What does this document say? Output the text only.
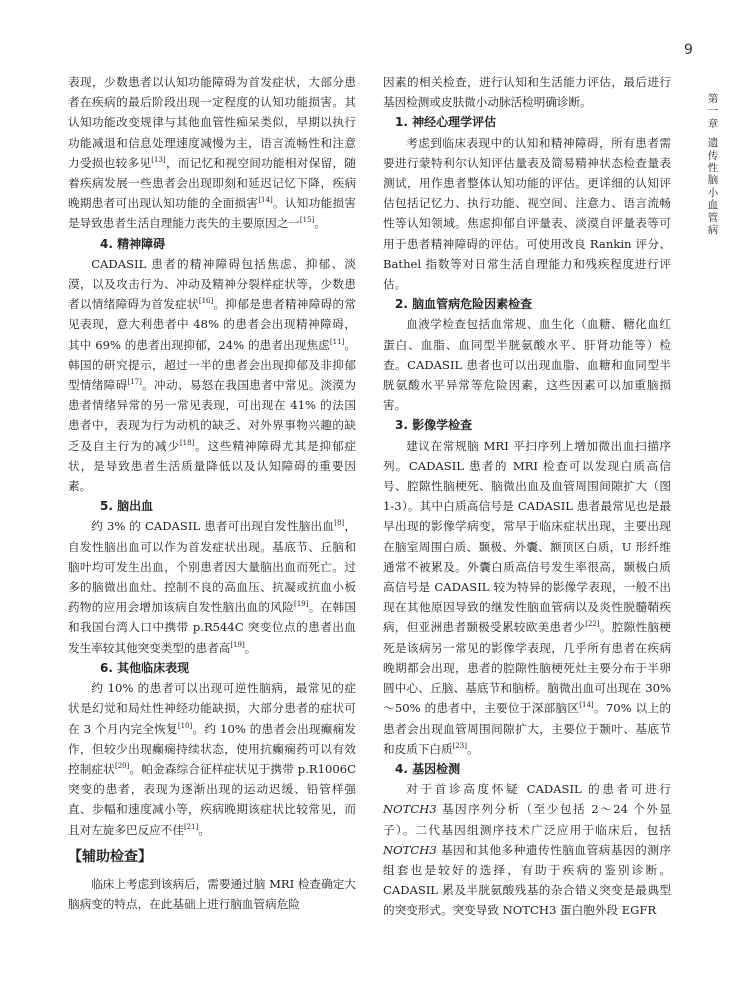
9
第
一
章
遗
传
性
脑
小
血
管
病

表现，少数患者以认知功能障碍为首发症状，大部分患者在疾病的最后阶段出现一定程度的认知功能损害。其认知功能改变规律与其他血管性痴呆类似，早期以执行功能减退和信息处理速度减慢为主，语言流畅性和注意力受损也较多见[13]，而记忆和视空间功能相对保留，随着疾病发展一些患者会出现即刻和延迟记忆下降，疾病晚期患者可出现认知功能的全面损害[14]。认知功能损害是导致患者生活自理能力丧失的主要原因之一[15]。

4. 精神障碍

CADASIL 患者的精神障碍包括焦虑、抑郁、淡漠，以及攻击行为、冲动及精神分裂样症状等，少数患者以情绪障碍为首发症状[16]。抑郁是患者精神障碍的常见表现，意大利患者中 48% 的患者会出现精神障碍，其中 69% 的患者出现抑郁，24% 的患者出现焦虑[11]。韩国的研究提示，超过一半的患者会出现抑郁及非抑郁型情绪障碍[17]。冲动、易怒在我国患者中常见。淡漠为患者情绪异常的另一常见表现，可出现在 41% 的法国患者中，表现为行为动机的缺乏、对外界事物兴趣的缺乏及自主行为的减少[18]。这些精神障碍尤其是抑郁症状，是导致患者生活质量降低以及认知障碍的重要因素。

5. 脑出血

约 3% 的 CADASIL 患者可出现自发性脑出血[8]，自发性脑出血可以作为首发症状出现。基底节、丘脑和脑叶均可发生出血，个别患者因大量脑出血而死亡。过多的脑微出血灶、控制不良的高血压、抗凝或抗血小板药物的应用会增加该病自发性脑出血的风险[19]。在韩国和我国台湾人口中携带 p.R544C 突变位点的患者出血发生率较其他突变类型的患者高[19]。

6. 其他临床表现

约 10% 的患者可以出现可逆性脑病，最常见的症状是幻觉和局灶性神经功能缺损，大部分患者的症状可在 3 个月内完全恢复[10]。约 10% 的患者会出现癫痫发作，但较少出现癫痫持续状态，使用抗癫痫药可以有效控制症状[20]。帕金森综合征样症状见于携带 p.R1006C 突变的患者，表现为逐渐出现的运动迟缓、铅管样强直、步幅和速度减小等，疾病晚期该症状比较常见，而且对左旋多巴反应不佳[21]。

【辅助检查】

临床上考虑到该病后，需要通过脑 MRI 检查确定大脑病变的特点，在此基础上进行脑血管病危险

因素的相关检查，进行认知和生活能力评估，最后进行基因检测或皮肤微小动脉活检明确诊断。

1. 神经心理学评估

考虑到临床表现中的认知和精神障碍，所有患者需要进行蒙特利尔认知评估量表及简易精神状态检查量表测试，用作患者整体认知功能的评估。更详细的认知评估包括记忆力、执行功能、视空间、注意力、语言流畅性等认知领域。焦虑抑郁自评量表、淡漠自评量表等可用于患者精神障碍的评估。可使用改良 Rankin 评分、Bathel 指数等对日常生活自理能力和残疾程度进行评估。

2. 脑血管病危险因素检查

血液学检查包括血常规、血生化（血糖、糖化血红蛋白、血脂、血同型半胱氨酸水平、肝肾功能等）检查。CADASIL 患者也可以出现血脂、血糖和血同型半胱氨酸水平异常等危险因素，这些因素可以加重脑损害。

3. 影像学检查

建议在常规脑 MRI 平扫序列上增加微出血扫描序列。CADASIL 患者的 MRI 检查可以发现白质高信号、腔隙性脑梗死、脑微出血及血管周围间隙扩大（图 1-3）。其中白质高信号是 CADASIL 患者最常见也是最早出现的影像学病变，常早于临床症状出现，主要出现在脑室周围白质、颞极、外囊、额顶区白质，U 形纤维通常不被累及。外囊白质高信号发生率很高，颞极白质高信号是 CADASIL 较为特异的影像学表现，一般不出现在其他原因导致的继发性脑血管病以及炎性脱髓鞘疾病，但亚洲患者颞极受累较欧美患者少[22]。腔隙性脑梗死是该病另一常见的影像学表现，几乎所有患者在疾病晚期都会出现，患者的腔隙性脑梗死灶主要分布于半卵圆中心、丘脑、基底节和脑桥。脑微出血可出现在 30%～50% 的患者中，主要位于深部脑区[14]。70% 以上的患者会出现血管周围间隙扩大，主要位于颞叶、基底节和皮质下白质[23]。

4. 基因检测

对于首诊高度怀疑 CADASIL 的患者可进行 NOTCH3 基因序列分析（至少包括 2～24 个外显子）。二代基因组测序技术广泛应用于临床后，包括 NOTCH3 基因和其他多种遗传性脑血管病基因的测序组套也是较好的选择，有助于疾病的鉴别诊断。CADASIL 累及半胱氨酸残基的杂合错义突变是最典型的突变形式。突变导致 NOTCH3 蛋白胞外段 EGFR
